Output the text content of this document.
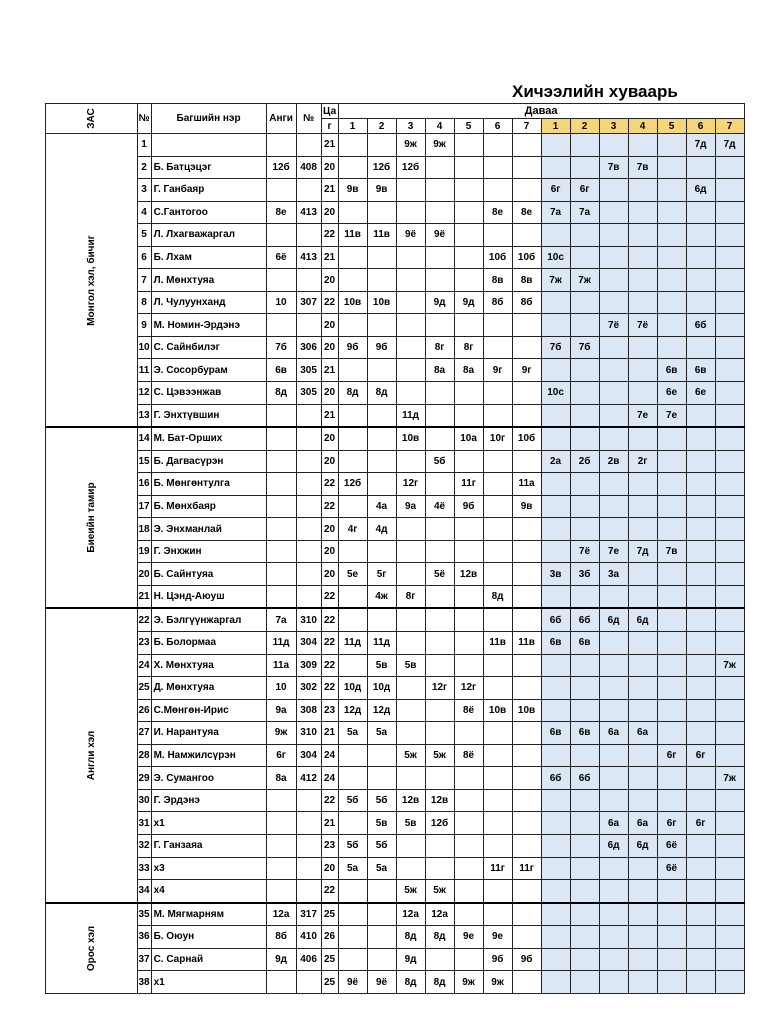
Хичээлийн хуваарь
ЗАС	№	Багшийн нэр	Анги	№	Ца	Даваа													
					г	1	2	3	4	5	6	7	1	2	3	4	5	6	7

Монгол хэл, бичиг	1				21			9ж	9ж									7д	7д
	2	Б. Батцэцэг	12б	408	20		12б	12б							7в	7в			
	3	Г. Ганбаяр			21	9в	9в						6г	6г				6д	
	4	С.Гантогоо	8е	413	20						8е	8е	7а	7а					
	5	Л. Лхагважаргал			22	11в	11в	9ё	9ё										
	6	Б. Лхам	6ё	413	21						10б	10б	10с						
	7	Л. Мөнхтуяа			20						8в	8в	7ж	7ж					
	8	Л. Чулуунханд	10	307	22	10в	10в		9д	9д	8б	8б							
	9	М. Номин-Эрдэнэ			20										7ё	7ё		6б	
	10	С. Сайнбилэг	7б	306	20	9б	9б		8г	8г			7б	7б					
	11	Э. Сосорбурам	6в	305	21				8а	8а	9г	9г					6в	6в	
	12	С. Цэвээнжав	8д	305	20	8д	8д						10с				6е	6е	
	13	Г. Энхтүвшин			21			11д								7е	7е		

Биеийн тамир	14	М. Бат-Орших			20			10в		10а	10г	10б							
	15	Б. Дагвасүрэн			20				5б				2а	2б	2в	2г			
	16	Б. Мөнгөнтулга			22	12б		12г		11г		11а							
	17	Б. Мөнхбаяр			22		4а	9а	4ё	9б		9в							
	18	Э. Энхманлай			20	4г	4д												
	19	Г. Энхжин			20									7ё	7е	7д	7в		
	20	Б. Сайнтуяа			20	5е	5г		5ё	12в			3в	3б	3а				
	21	Н. Цэнд-Аюуш			22		4ж	8г			8д								

Англи хэл	22	Э. Бэлгүүнжаргал	7а	310	22								6б	6б	6д	6д			
	23	Б. Болормаа	11д	304	22	11д	11д				11в	11в	6в	6в					
	24	Х. Мөнхтуяа	11а	309	22		5в	5в											7ж
	25	Д. Мөнхтуяа	10	302	22	10д	10д		12г	12г									
	26	С.Мөнгөн-Ирис	9а	308	23	12д	12д			8ё	10в	10в							
	27	И. Нарантуяа	9ж	310	21	5а	5а						6в	6в	6а	6а			
	28	М. Намжилсүрэн	6г	304	24			5ж	5ж	8ё							6г	6г	
	29	Э. Сумангоо	8а	412	24								6б	6б					7ж
	30	Г. Эрдэнэ			22	5б	5б	12в	12в										
	31	х1			21		5в	5в	12б						6а	6а	6г	6г	
	32	Г. Ганзаяа			23	5б	5б								6д	6д	6ё		
	33	х3			20	5а	5а				11г	11г					6ё		
	34	х4			22			5ж	5ж										

Орос хэл	35	М. Мягмарням	12а	317	25			12а	12а										
	36	Б. Оюун	8б	410	26			8д	8д	9е	9е								
	37	С. Сарнай	9д	406	25			9д			9б	9б							
	38	х1			25	9ё	9ё	8д	8д	9ж	9ж								
